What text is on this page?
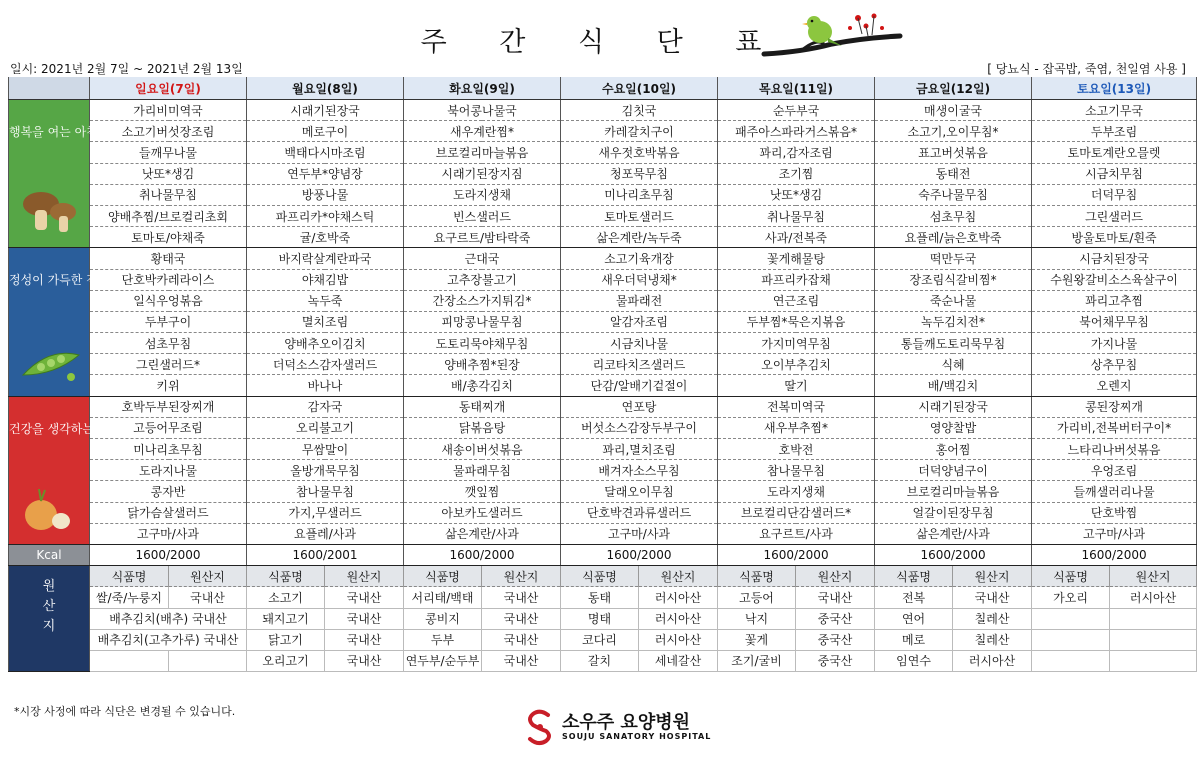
주 간 식 단 표
일시: 2021년 2월 7일 ~ 2021년 2월 13일	[ 당뇨식 - 잡곡밥, 죽염, 천일염 사용 ]
	일요일(7일)		월요일(8일)		화요일(9일)		수요일(10일)		목요일(11일)		금요일(12일)		토요일(13일)	

행복을 여는 아침	가리비미역국		시래기된장국		북어콩나물국		김칫국		순두부국		매생이굴국		소고기무국	
	소고기버섯장조림		메로구이		새우계란찜*		카레갈치구이		패주아스파라거스볶음*		소고기,오이무침*		두부조림	
	들깨무나물		백태다시마조림		브로컬리마늘볶음		새우젓호박볶음		꽈리,감자조림		표고버섯볶음		토마토계란오믈렛	
	낫또*생김		연두부*양념장		시래기된장지짐		청포묵무침		조기찜		동태전		시금치무침	
	취나물무침		방풍나물		도라지생채		미나리초무침		낫또*생김		숙주나물무침		더덕무침	
	양배추찜/브로컬리초회		파프리카*야채스틱		빈스샐러드		토마토샐러드		취나물무침		섬초무침		그린샐러드	
	토마토/야채죽		귤/호박죽		요구르트/밤타락죽		삶은계란/녹두죽		사과/전복죽		요플레/늙은호박죽		방울토마토/흰죽	

정성이 가득한 점심	황태국		바지락살계란파국		근대국		소고기육개장		꽃게해물탕		떡만두국		시금치된장국	
	단호박카레라이스		야채김밥		고추장불고기		새우더덕냉채*		파프리카잡채		장조림식갈비찜*		수원왕갈비소스육살구이	
	일식우엉볶음		녹두죽		간장소스가지튀김*		물파래전		연근조림		죽순나물		꽈리고추찜	
	두부구이		멸치조림		피망콩나물무침		알감자조림		두부찜*묵은지볶음		녹두김치전*		북어채무무침	
	섬초무침		양배추오이김치		도토리묵야채무침		시금치나물		가지미역무침		통들깨도토리묵무침		가지나물	
	그린샐러드*		더덕소스감자샐러드		양배추찜*된장		리코타치즈샐러드		오이부추김치		식혜		상추무침	
	키위		바나나		배/총각김치		단감/알배기겉절이		딸기		배/백김치		오렌지	

건강을 생각하는 저녁	호박두부된장찌개		감자국		동태찌개		연포탕		전복미역국		시래기된장국		콩된장찌개	
	고등어무조림		오리불고기		닭볶음탕		버섯소스감장두부구이		새우부추찜*		영양찰밥		가리비,전복버터구이*	
	미나리초무침		무쌈말이		새송이버섯볶음		꽈리,멸치조림		호박전		홍어찜		느타리나버섯볶음	
	도라지나물		올방개묵무침		물파래무침		배겨자소스무침		참나물무침		더덕양념구이		우엉조림	
	콩자반		참나물무침		깻잎찜		달래오이무침		도라지생채		브로컬리마늘볶음		들깨샐러리나물	
	닭가슴살샐러드		가지,무샐러드		아보카도샐러드		단호박견과류샐러드		브로컬리단감샐러드*		얼갈이된장무침		단호박찜	
	고구마/사과		요플레/사과		삶은계란/사과		고구마/사과		요구르트/사과		삶은계란/사과		고구마/사과	
Kcal	1600/2000		1600/2001		1600/2000		1600/2000		1600/2000		1600/2000		1600/2000	

원
산
지	식품명	원산지	식품명	원산지	식품명	원산지	식품명	원산지	식품명	원산지	식품명	원산지	식품명	원산지
	쌀/죽/누룽지	국내산	소고기	국내산	서리태/백태	국내산	동태	러시아산	고등어	국내산	전복	국내산	가오리	러시아산
	배추김치(배추) 국내산		돼지고기	국내산	콩비지	국내산	명태	러시아산	낙지	중국산	연어	칠레산		
	배추김치(고추가루) 국내산		닭고기	국내산	두부	국내산	코다리	러시아산	꽃게	중국산	메로	칠레산		
			오리고기	국내산	연두부/순두부	국내산	갈치	세네갈산	조기/굴비	중국산	임연수	러시아산		
*시장 사정에 따라 식단은 변경될 수 있습니다.
소우주 요양병원
SOUJU SANATORY HOSPITAL
